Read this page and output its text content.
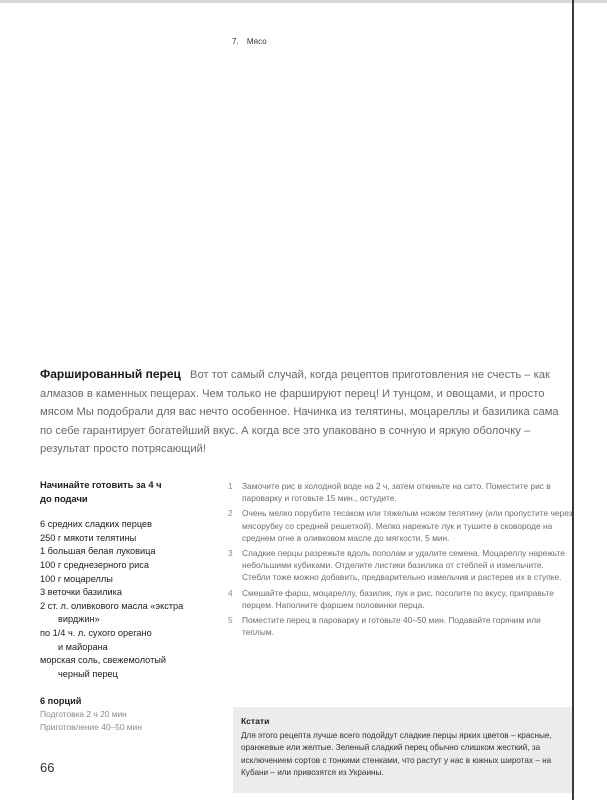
7. Мясо
Фаршированный перец Вот тот самый случай, когда рецептов приготовления не счесть – как алмазов в каменных пещерах. Чем только не фаршируют перец! И тунцом, и овощами, и просто мясом Мы подобрали для вас нечто особенное. Начинка из телятины, моцареллы и базилика сама по себе гарантирует богатейший вкус. А когда все это упаковано в сочную и яркую оболочку – результат просто потрясающий!
Начинайте готовить за 4 ч
до подачи
6 средних сладких перцев
250 г мякоти телятины
1 большая белая луковица
100 г среднезерного риса
100 г моцареллы
3 веточки базилика
2 ст. л. оливкового масла «экстра
вирджин»
по 1/4 ч. л. сухого орегано
и майорана
морская соль, свежемолотый
черный перец
6 порций
Подготовка 2 ч 20 мин
Приготовление 40–50 мин
66
1	Замочите рис в холодной воде на 2 ч, затем откиньте на сито. Поместите рис в пароварку и готовьте 15 мин., остудите.
2	Очень мелко порубите тесаком или тяжелым ножом телятину (или пропустите через мясорубку со средней решеткой). Мелко нарежьте лук и тушите в сковороде на среднем огне в оливковом масле до мягкости, 5 мин.
3	Сладкие перцы разрежьте вдоль пополам и удалите семена. Моцареллу нарежьте небольшими кубиками. Отделите листики базилика от стеблей и измельчите. Стебли тоже можно добавить, предварительно измельчив и растерев их в ступке.
4	Смешайте фарш, моцареллу, базилик, лук и рис, посолите по вкусу, приправьте перцем. Наполните фаршем половинки перца.
5	Поместите перец в пароварку и готовьте 40–50 мин. Подавайте горячим или теплым.
Кстати
Для этого рецепта лучше всего подойдут сладкие перцы ярких цветов – красные, оранжевые или желтые. Зеленый сладкий перец обычно слишком жесткий, за исключением сортов с тонкими стенками, что растут у нас в южных широтах – на Кубани – или привозятся из Украины.
